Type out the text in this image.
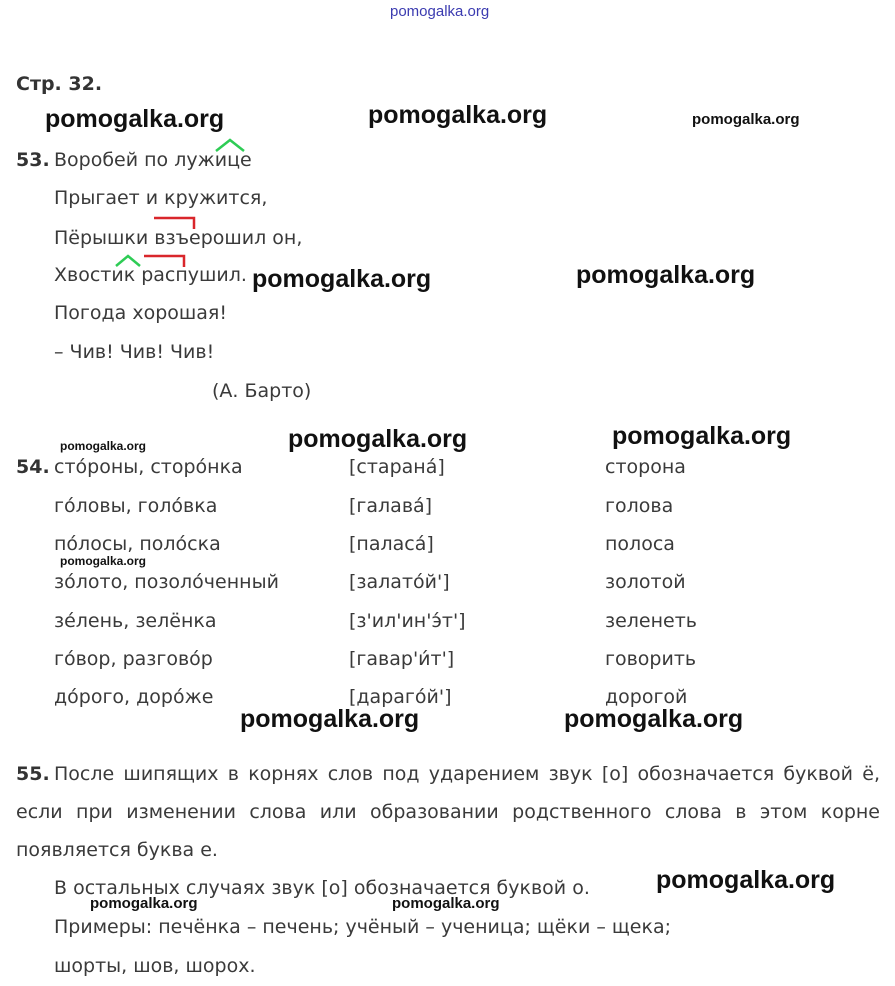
pomogalka.org
Стр. 32.
53. Воробей по лужице
Прыгает и кружится,
Пёрышки взъерошил он,
Хвостик распушил.
Погода хорошая!
– Чив! Чив! Чив!
(А. Барто)
54. сто́роны, сторо́нка	[старана́]	сторона
го́ловы, голо́вка	[галава́]	голова
по́лосы, поло́ска	[паласа́]	полоса
зо́лото, позоло́ченный	[залато́й']	золотой
зе́лень, зелёнка	[з'ил'ин'э́т']	зеленеть
го́вор, разгово́р	[гавар'и́т']	говорить
до́рого, доро́же	[дараго́й']	дорогой
55. После шипящих в корнях слов под ударением звук [о] обозначается буквой ё,
если при изменении слова или образовании родственного слова в этом корне
появляется буква е.
В остальных случаях звук [о] обозначается буквой о.
Примеры: печёнка – печень; учёный – ученица; щёки – щека;
шорты, шов, шорох.
pomogalka.org	pomogalka.org	pomogalka.org
pomogalka.org	pomogalka.org
pomogalka.org	pomogalka.org	pomogalka.org
pomogalka.org
pomogalka.org	pomogalka.org
pomogalka.org
pomogalka.org	pomogalka.org
